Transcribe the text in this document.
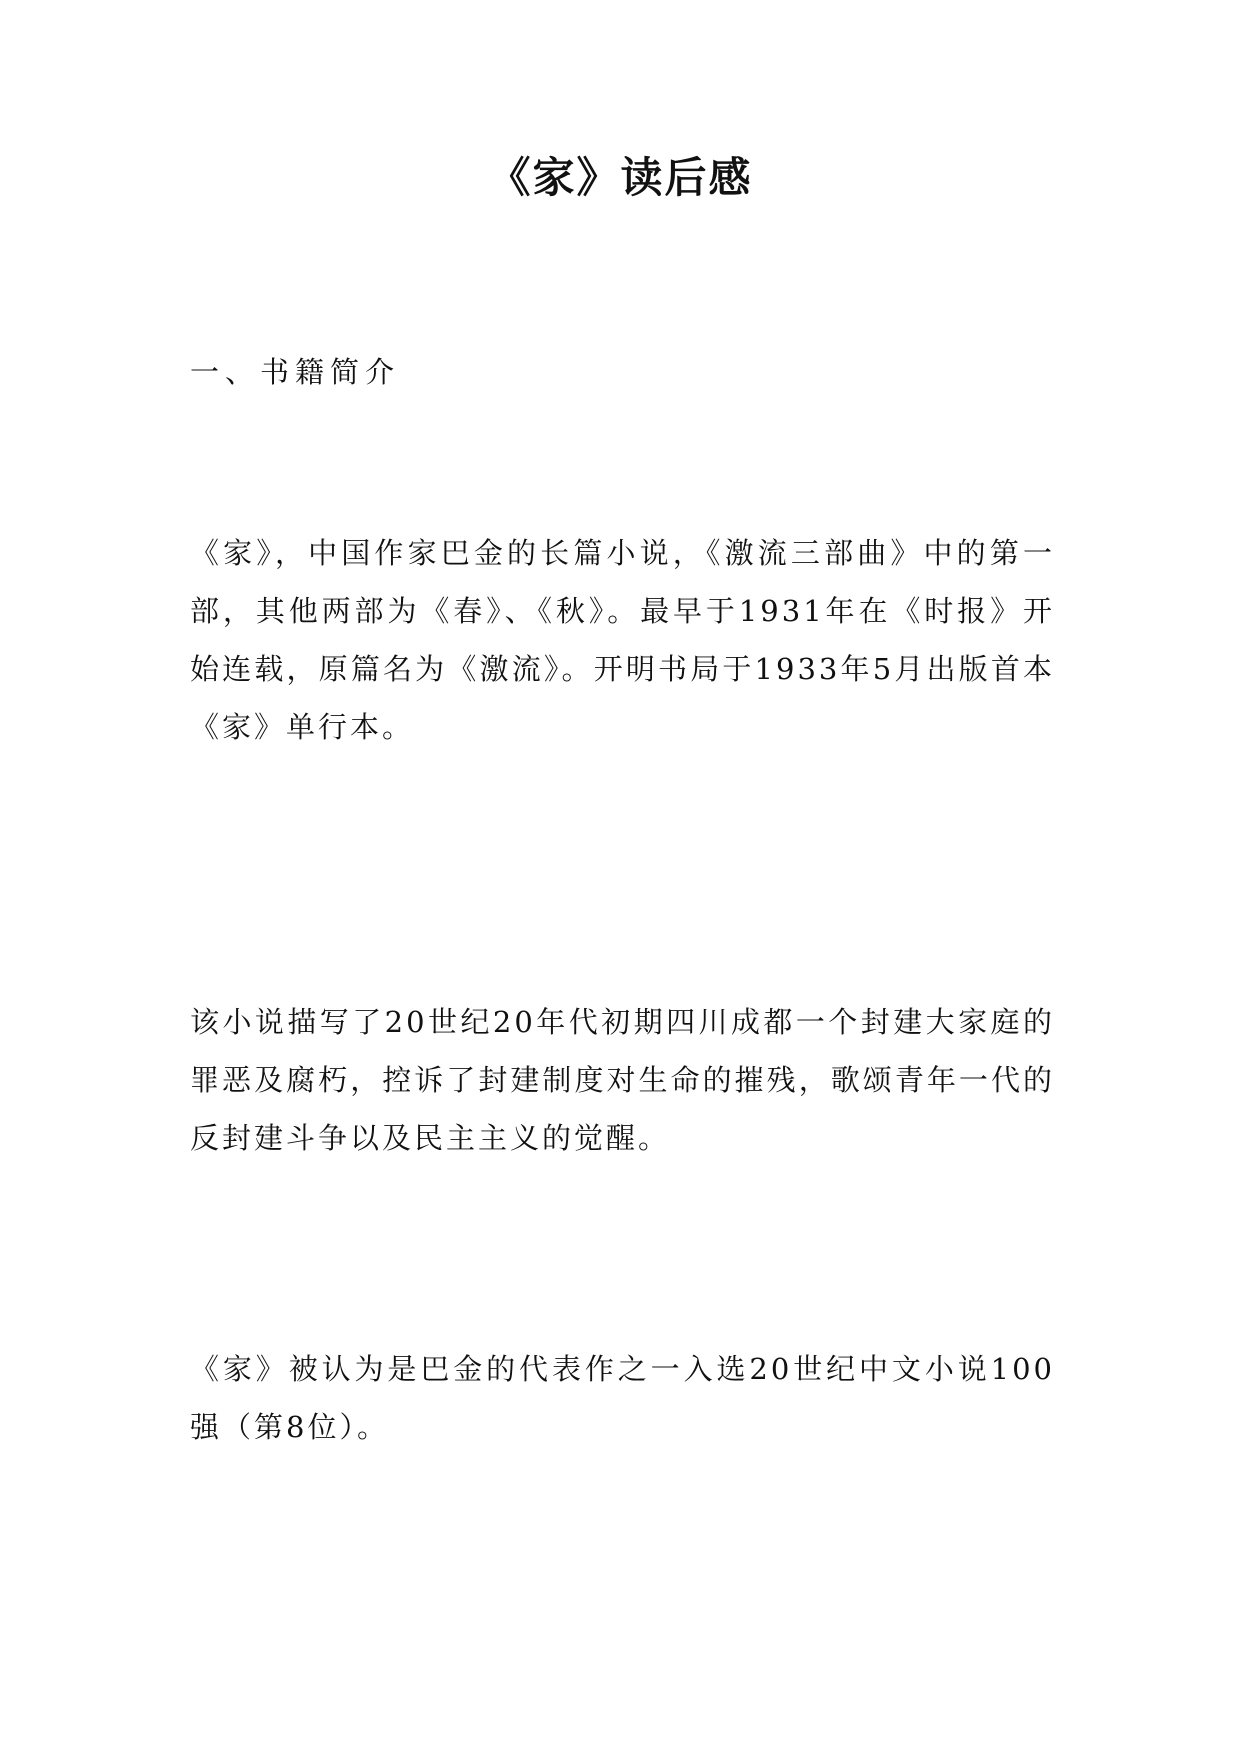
《家》读后感
一、书籍简介

《家》，中国作家巴金的长篇小说，《激流三部曲》中的第一部，其他两部为《春》、《秋》。最早于1931年在《时报》开始连载，原篇名为《激流》。开明书局于1933年5月出版首本《家》单行本。

该小说描写了20世纪20年代初期四川成都一个封建大家庭的罪恶及腐朽，控诉了封建制度对生命的摧残，歌颂青年一代的反封建斗争以及民主主义的觉醒。

《家》被认为是巴金的代表作之一入选20世纪中文小说100强（第8位）。
